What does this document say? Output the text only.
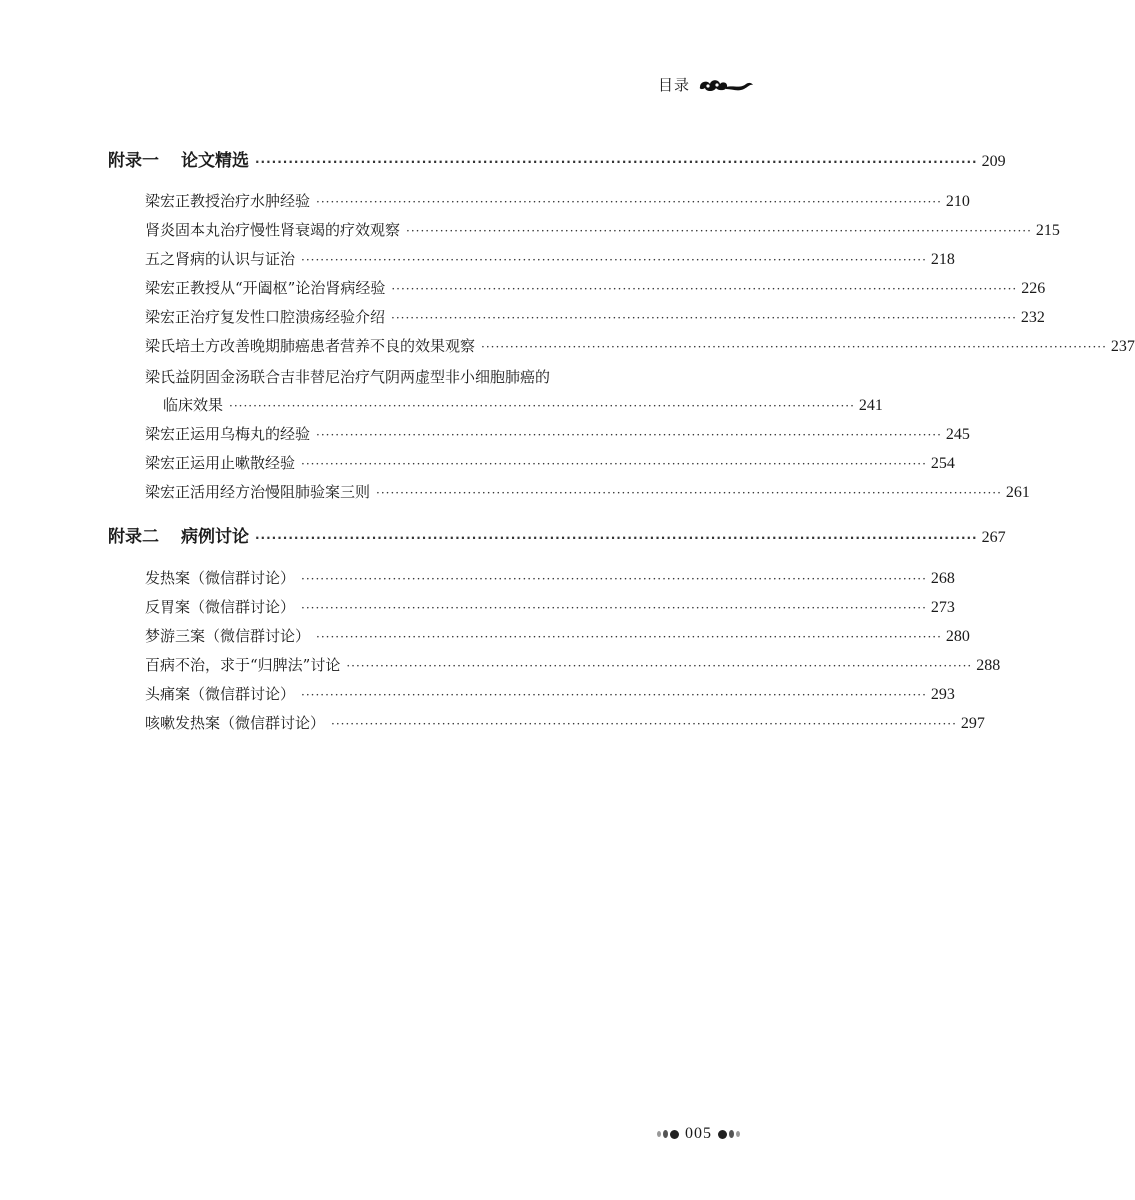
目录
附录一 论文精选 ·································································································································· 209
梁宏正教授治疗水肿经验 ·································································································································· 210
肾炎固本丸治疗慢性肾衰竭的疗效观察 ·································································································································· 215
五之肾病的认识与证治 ·································································································································· 218
梁宏正教授从“开阖枢”论治肾病经验 ·································································································································· 226
梁宏正治疗复发性口腔溃疡经验介绍 ·································································································································· 232
梁氏培土方改善晚期肺癌患者营养不良的效果观察 ·································································································································· 237
梁氏益阴固金汤联合吉非替尼治疗气阴两虚型非小细胞肺癌的
临床效果 ·································································································································· 241
梁宏正运用乌梅丸的经验 ·································································································································· 245
梁宏正运用止嗽散经验 ·································································································································· 254
梁宏正活用经方治慢阻肺验案三则 ·································································································································· 261
附录二 病例讨论 ·································································································································· 267
发热案（微信群讨论） ·································································································································· 268
反胃案（微信群讨论） ·································································································································· 273
梦游三案（微信群讨论） ·································································································································· 280
百病不治，求于“归脾法”讨论 ·································································································································· 288
头痛案（微信群讨论） ·································································································································· 293
咳嗽发热案（微信群讨论） ·································································································································· 297
005
